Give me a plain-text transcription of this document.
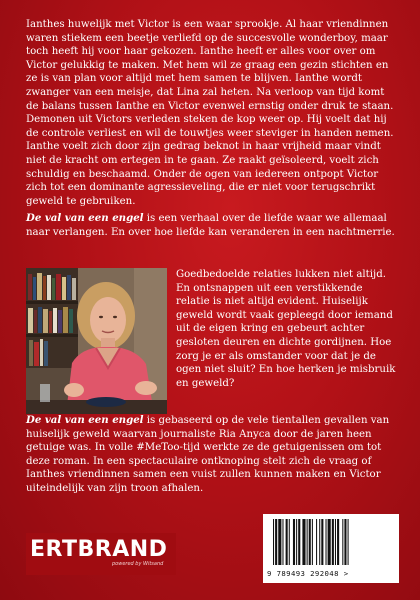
Ianthes huwelijk met Victor is een waar sprookje. Al haar vriendinnen waren stiekem een beetje verliefd op de succesvolle wonderboy, maar toch heeft hij voor haar gekozen. Ianthe heeft er alles voor over om Victor gelukkig te maken. Met hem wil ze graag een gezin stichten en ze is van plan voor altijd met hem samen te blijven. Ianthe wordt zwanger van een meisje, dat Lina zal heten. Na verloop van tijd komt de balans tussen Ianthe en Victor evenwel ernstig onder druk te staan. Demonen uit Victors verleden steken de kop weer op. Hij voelt dat hij de controle verliest en wil de touwtjes weer steviger in handen nemen. Ianthe voelt zich door zijn gedrag beknot in haar vrijheid maar vindt niet de kracht om ertegen in te gaan. Ze raakt geïsoleerd, voelt zich schuldig en beschaamd. Onder de ogen van iedereen ontpopt Victor zich tot een dominante agressieveling, die er niet voor terugschrikt geweld te gebruiken.

De val van een engel is een verhaal over de liefde waar we allemaal naar verlangen. En over hoe liefde kan veranderen in een nachtmerrie.

Goedbedoelde relaties lukken niet altijd. En ontsnappen uit een verstikkende relatie is niet altijd evident. Huiselijk geweld wordt vaak gepleegd door iemand uit de eigen kring en gebeurt achter gesloten deuren en dichte gordijnen. Hoe zorg je er als omstander voor dat je de ogen niet sluit? En hoe herken je misbruik en geweld?

De val van een engel is gebaseerd op de vele tientallen gevallen van huiselijk geweld waarvan journaliste Ria Anyca door de jaren heen getuige was. In volle #MeToo-tijd werkte ze de getuigenissen om tot deze roman. In een spectaculaire ontknoping stelt zich de vraag of Ianthes vriendinnen samen een vuist zullen kunnen maken en Victor uiteindelijk van zijn troon afhalen.

ERTBRAND
powered by Witsand
9 789493 292048 >
